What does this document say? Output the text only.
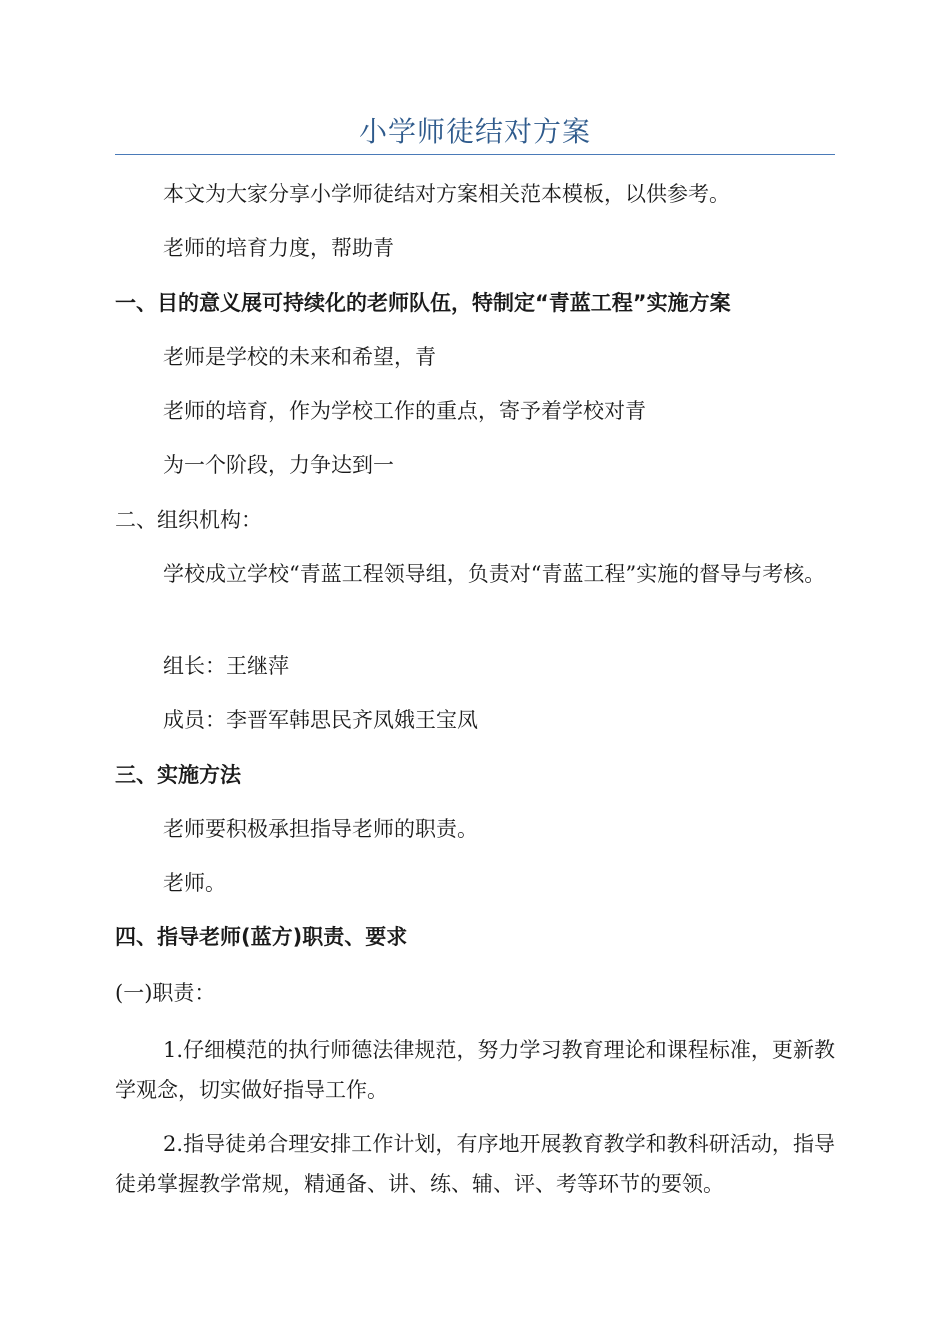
小学师徒结对方案
本文为大家分享小学师徒结对方案相关范本模板，以供参考。
老师的培育力度，帮助青
一、目的意义展可持续化的老师队伍，特制定“青蓝工程”实施方案
老师是学校的未来和希望，青
老师的培育，作为学校工作的重点，寄予着学校对青
为一个阶段，力争达到一
二、组织机构：
学校成立学校“青蓝工程领导组，负责对“青蓝工程”实施的督导与考核。
组长：王继萍
成员：李晋军韩思民齐凤娥王宝凤
三、实施方法
老师要积极承担指导老师的职责。
老师。
四、指导老师(蓝方)职责、要求
(一)职责：
1.仔细模范的执行师德法律规范，努力学习教育理论和课程标准，更新教学观念，切实做好指导工作。
2.指导徒弟合理安排工作计划，有序地开展教育教学和教科研活动，指导徒弟掌握教学常规，精通备、讲、练、辅、评、考等环节的要领。
